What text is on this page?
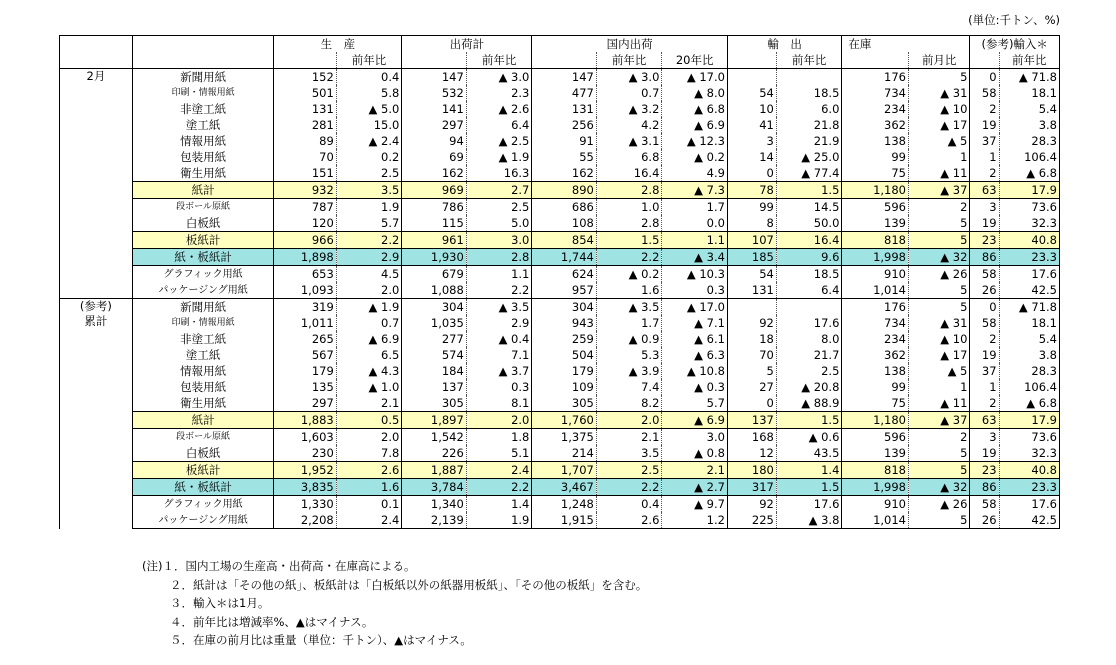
(単位:千トン、%)
		生　産		出荷計		国内出荷			輸　出		在庫		(参考)輸入＊	
			前年比		前年比		前年比	20年比		前年比		前月比		前年比

2月	新聞用紙	152	0.4	147	▲ 3.0	147	▲ 3.0	▲ 17.0			176	5	0	▲ 71.8
	印刷・情報用紙	501	5.8	532	2.3	477	0.7	▲ 8.0	54	18.5	734	▲ 31	58	18.1
	非塗工紙	131	▲ 5.0	141	▲ 2.6	131	▲ 3.2	▲ 6.8	10	6.0	234	▲ 10	2	5.4
	塗工紙	281	15.0	297	6.4	256	4.2	▲ 6.9	41	21.8	362	▲ 17	19	3.8
	情報用紙	89	▲ 2.4	94	▲ 2.5	91	▲ 3.1	▲ 12.3	3	21.9	138	▲ 5	37	28.3
	包装用紙	70	0.2	69	▲ 1.9	55	6.8	▲ 0.2	14	▲ 25.0	99	1	1	106.4
	衛生用紙	151	2.5	162	16.3	162	16.4	4.9	0	▲ 77.4	75	▲ 11	2	▲ 6.8
	紙計	932	3.5	969	2.7	890	2.8	▲ 7.3	78	1.5	1,180	▲ 37	63	17.9
	段ボール原紙	787	1.9	786	2.5	686	1.0	1.7	99	14.5	596	2	3	73.6
	白板紙	120	5.7	115	5.0	108	2.8	0.0	8	50.0	139	5	19	32.3
	板紙計	966	2.2	961	3.0	854	1.5	1.1	107	16.4	818	5	23	40.8
	紙・板紙計	1,898	2.9	1,930	2.8	1,744	2.2	▲ 3.4	185	9.6	1,998	▲ 32	86	23.3
	グラフィック用紙	653	4.5	679	1.1	624	▲ 0.2	▲ 10.3	54	18.5	910	▲ 26	58	17.6
	パッケージング用紙	1,093	2.0	1,088	2.2	957	1.6	0.3	131	6.4	1,014	5	26	42.5

(参考)
累計	新聞用紙	319	▲ 1.9	304	▲ 3.5	304	▲ 3.5	▲ 17.0			176	5	0	▲ 71.8
	印刷・情報用紙	1,011	0.7	1,035	2.9	943	1.7	▲ 7.1	92	17.6	734	▲ 31	58	18.1
	非塗工紙	265	▲ 6.9	277	▲ 0.4	259	▲ 0.9	▲ 6.1	18	8.0	234	▲ 10	2	5.4
	塗工紙	567	6.5	574	7.1	504	5.3	▲ 6.3	70	21.7	362	▲ 17	19	3.8
	情報用紙	179	▲ 4.3	184	▲ 3.7	179	▲ 3.9	▲ 10.8	5	2.5	138	▲ 5	37	28.3
	包装用紙	135	▲ 1.0	137	0.3	109	7.4	▲ 0.3	27	▲ 20.8	99	1	1	106.4
	衛生用紙	297	2.1	305	8.1	305	8.2	5.7	0	▲ 88.9	75	▲ 11	2	▲ 6.8
	紙計	1,883	0.5	1,897	2.0	1,760	2.0	▲ 6.9	137	1.5	1,180	▲ 37	63	17.9
	段ボール原紙	1,603	2.0	1,542	1.8	1,375	2.1	3.0	168	▲ 0.6	596	2	3	73.6
	白板紙	230	7.8	226	5.1	214	3.5	▲ 0.8	12	43.5	139	5	19	32.3
	板紙計	1,952	2.6	1,887	2.4	1,707	2.5	2.1	180	1.4	818	5	23	40.8
	紙・板紙計	3,835	1.6	3,784	2.2	3,467	2.2	▲ 2.7	317	1.5	1,998	▲ 32	86	23.3
	グラフィック用紙	1,330	0.1	1,340	1.4	1,248	0.4	▲ 9.7	92	17.6	910	▲ 26	58	17.6
	パッケージング用紙	2,208	2.4	2,139	1.9	1,915	2.6	1.2	225	▲ 3.8	1,014	5	26	42.5
(注)１．国内工場の生産高・出荷高・在庫高による。
２．紙計は「その他の紙」、板紙計は「白板紙以外の紙器用板紙」、「その他の板紙」を含む。
３．輸入＊は1月。
４．前年比は増減率%、▲はマイナス。
５．在庫の前月比は重量（単位：千トン）、▲はマイナス。
